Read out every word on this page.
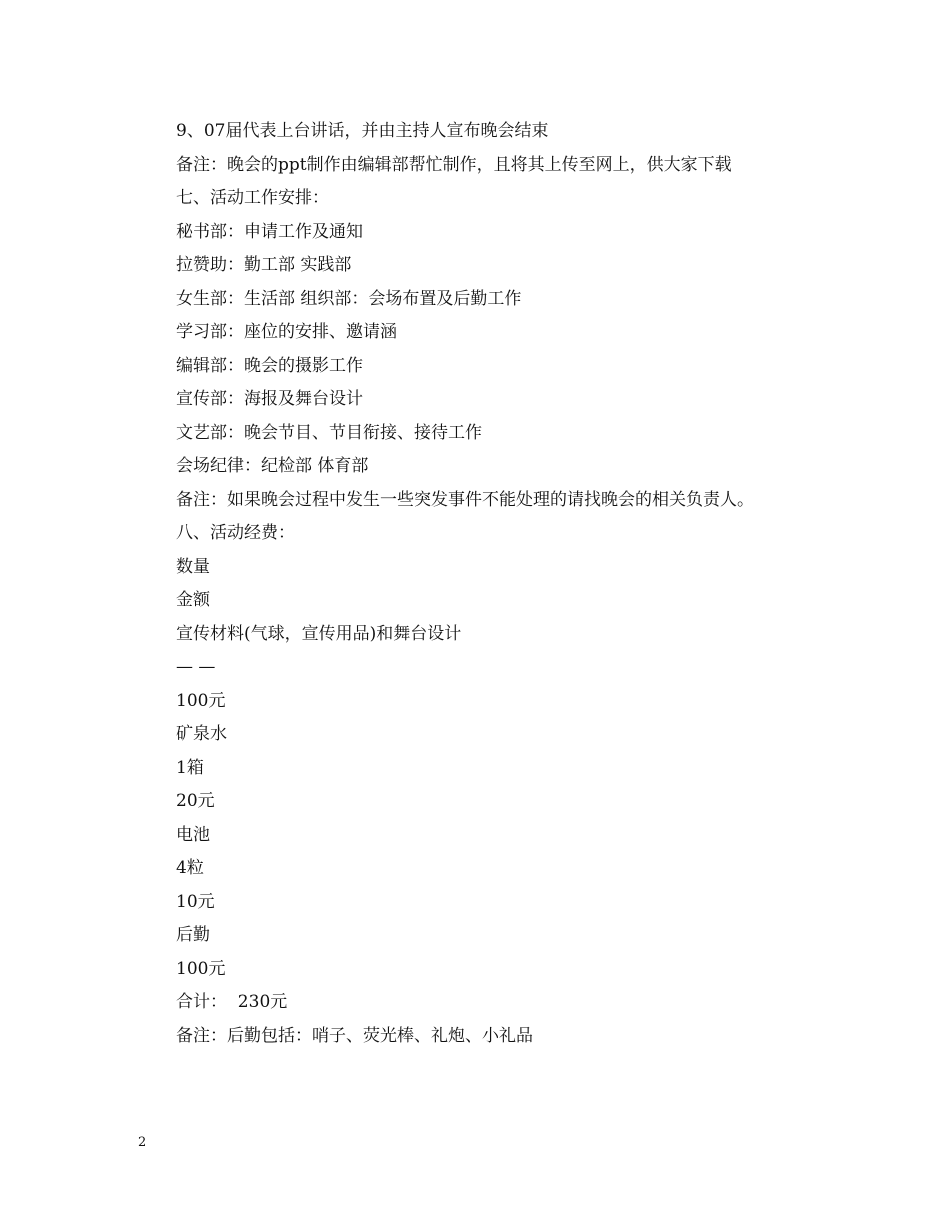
9、07届代表上台讲话，并由主持人宣布晚会结束
备注：晚会的ppt制作由编辑部帮忙制作，且将其上传至网上，供大家下载
七、活动工作安排：
秘书部：申请工作及通知
拉赞助：勤工部 实践部
女生部：生活部 组织部：会场布置及后勤工作
学习部：座位的安排、邀请涵
编辑部：晚会的摄影工作
宣传部：海报及舞台设计
文艺部：晚会节目、节目衔接、接待工作
会场纪律：纪检部 体育部
备注：如果晚会过程中发生一些突发事件不能处理的请找晚会的相关负责人。
八、活动经费：
数量
金额
宣传材料(气球，宣传用品)和舞台设计
— —
100元
矿泉水
1箱
20元
电池
4粒
10元
后勤
100元
合计：  230元
备注：后勤包括：哨子、荧光棒、礼炮、小礼品
2
